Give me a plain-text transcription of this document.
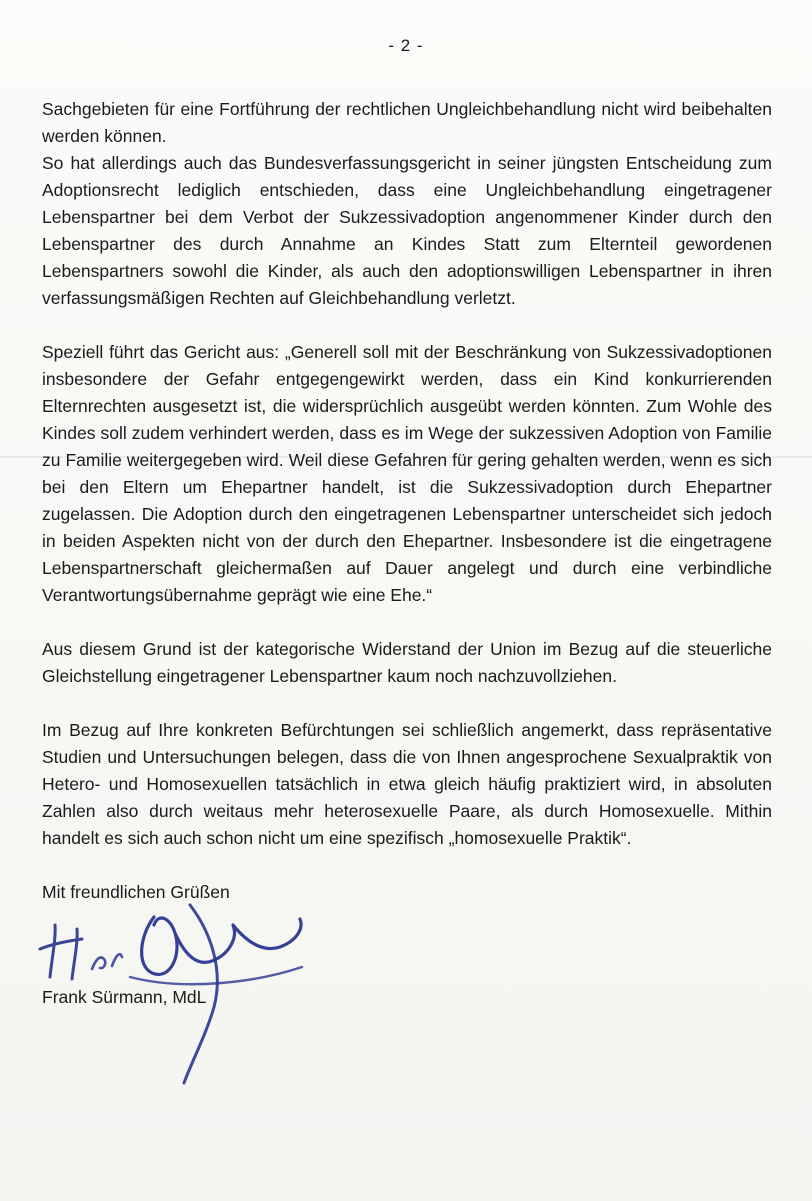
- 2 -

Sachgebieten für eine Fortführung der rechtlichen Ungleichbehandlung nicht wird beibehalten werden können.

So hat allerdings auch das Bundesverfassungsgericht in seiner jüngsten Entscheidung zum Adoptionsrecht lediglich entschieden, dass eine Ungleichbehandlung eingetragener Lebenspartner bei dem Verbot der Sukzessivadoption angenommener Kinder durch den Lebenspartner des durch Annahme an Kindes Statt zum Elternteil gewordenen Lebenspartners sowohl die Kinder, als auch den adoptionswilligen Lebenspartner in ihren verfassungsmäßigen Rechten auf Gleichbehandlung verletzt.

Speziell führt das Gericht aus: „Generell soll mit der Beschränkung von Sukzessivadoptionen insbesondere der Gefahr entgegengewirkt werden, dass ein Kind konkurrierenden Elternrechten ausgesetzt ist, die widersprüchlich ausgeübt werden könnten. Zum Wohle des Kindes soll zudem verhindert werden, dass es im Wege der sukzessiven Adoption von Familie zu Familie weitergegeben wird. Weil diese Gefahren für gering gehalten werden, wenn es sich bei den Eltern um Ehepartner handelt, ist die Sukzessivadoption durch Ehepartner zugelassen. Die Adoption durch den eingetragenen Lebenspartner unterscheidet sich jedoch in beiden Aspekten nicht von der durch den Ehepartner. Insbesondere ist die eingetragene Lebenspartnerschaft gleichermaßen auf Dauer angelegt und durch eine verbindliche Verantwortungsübernahme geprägt wie eine Ehe.“

Aus diesem Grund ist der kategorische Widerstand der Union im Bezug auf die steuerliche Gleichstellung eingetragener Lebenspartner kaum noch nachzuvollziehen.

Im Bezug auf Ihre konkreten Befürchtungen sei schließlich angemerkt, dass repräsentative Studien und Untersuchungen belegen, dass die von Ihnen angesprochene Sexualpraktik von Hetero- und Homosexuellen tatsächlich in etwa gleich häufig praktiziert wird, in absoluten Zahlen also durch weitaus mehr heterosexuelle Paare, als durch Homosexuelle. Mithin handelt es sich auch schon nicht um eine spezifisch „homosexuelle Praktik“.

Mit freundlichen Grüßen

Frank Sürmann, MdL
